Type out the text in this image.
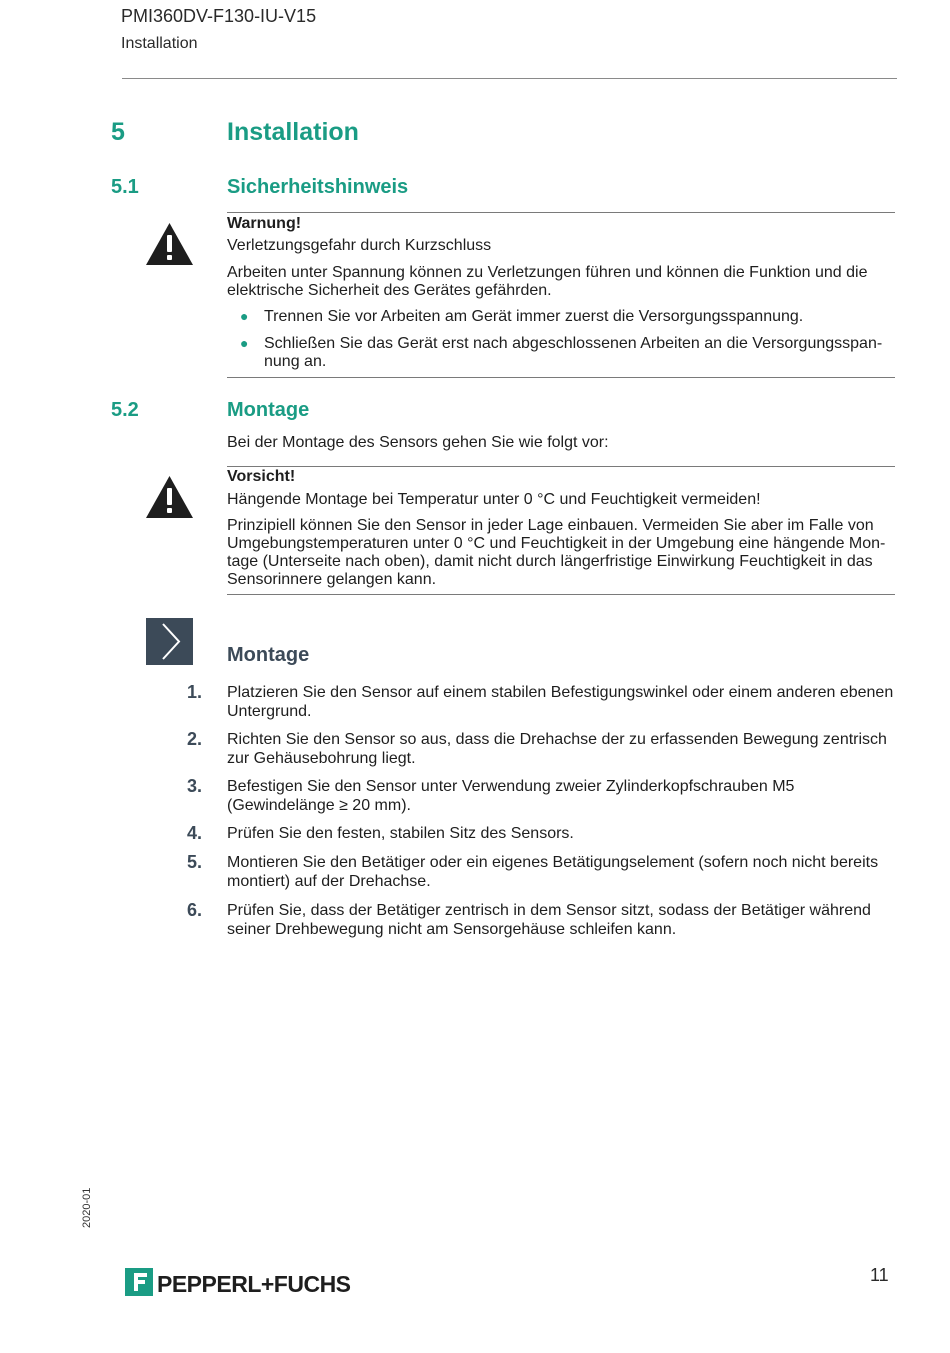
PMI360DV-F130-IU-V15
Installation
5	Installation
5.1	Sicherheitshinweis
Warnung!
Verletzungsgefahr durch Kurzschluss
Arbeiten unter Spannung können zu Verletzungen führen und können die Funktion und die elektrische Sicherheit des Gerätes gefährden.
● Trennen Sie vor Arbeiten am Gerät immer zuerst die Versorgungsspannung.
● Schließen Sie das Gerät erst nach abgeschlossenen Arbeiten an die Versorgungsspan-nung an.
5.2	Montage
Bei der Montage des Sensors gehen Sie wie folgt vor:
Vorsicht!
Hängende Montage bei Temperatur unter 0 °C und Feuchtigkeit vermeiden!
Prinzipiell können Sie den Sensor in jeder Lage einbauen. Vermeiden Sie aber im Falle von Umgebungstemperaturen unter 0 °C und Feuchtigkeit in der Umgebung eine hängende Mon-tage (Unterseite nach oben), damit nicht durch längerfristige Einwirkung Feuchtigkeit in das Sensorinnere gelangen kann.
Montage
1. Platzieren Sie den Sensor auf einem stabilen Befestigungswinkel oder einem anderen ebenen Untergrund.
2. Richten Sie den Sensor so aus, dass die Drehachse der zu erfassenden Bewegung zentrisch zur Gehäusebohrung liegt.
3. Befestigen Sie den Sensor unter Verwendung zweier Zylinderkopfschrauben M5 (Gewindelänge ≥ 20 mm).
4. Prüfen Sie den festen, stabilen Sitz des Sensors.
5. Montieren Sie den Betätiger oder ein eigenes Betätigungselement (sofern noch nicht bereits montiert) auf der Drehachse.
6. Prüfen Sie, dass der Betätiger zentrisch in dem Sensor sitzt, sodass der Betätiger während seiner Drehbewegung nicht am Sensorgehäuse schleifen kann.
2020-01
PEPPERL+FUCHS	11
